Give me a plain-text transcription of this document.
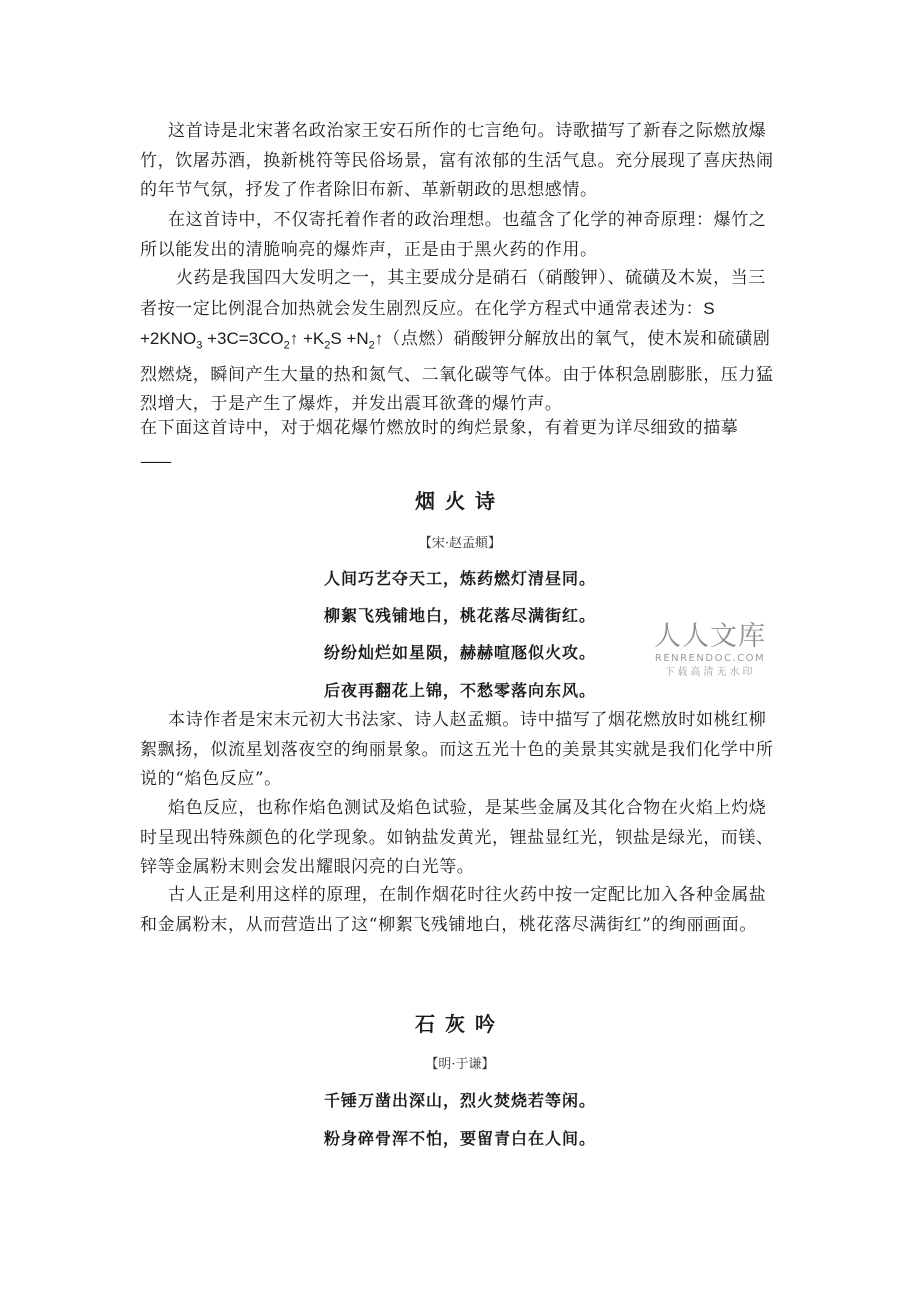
这首诗是北宋著名政治家王安石所作的七言绝句。诗歌描写了新春之际燃放爆竹，饮屠苏酒，换新桃符等民俗场景，富有浓郁的生活气息。充分展现了喜庆热闹的年节气氛，抒发了作者除旧布新、革新朝政的思想感情。

在这首诗中，不仅寄托着作者的政治理想。也蕴含了化学的神奇原理：爆竹之所以能发出的清脆响亮的爆炸声，正是由于黑火药的作用。

火药是我国四大发明之一，其主要成分是硝石（硝酸钾）、硫磺及木炭，当三者按一定比例混合加热就会发生剧烈反应。在化学方程式中通常表述为：$S +2KNO_3$ $+3C=3CO_2↑ +K_2S$ $+N_2↑$（点燃）硝酸钾分解放出的氧气，使木炭和硫磺剧烈燃烧，瞬间产生大量的热和氮气、二氧化碳等气体。由于体积急剧膨胀，压力猛烈增大，于是产生了爆炸，并发出震耳欲聋的爆竹声。

在下面这首诗中，对于烟花爆竹燃放时的绚烂景象，有着更为详尽细致的描摹

——
烟火诗
【宋·赵孟頫】
人间巧艺夺天工，炼药燃灯清昼同。
柳絮飞残铺地白，桃花落尽满街红。
纷纷灿烂如星陨，赫赫喧豗似火攻。
后夜再翻花上锦，不愁零落向东风。
人人文库
RENRENDOC.COM
下载高清无水印

本诗作者是宋末元初大书法家、诗人赵孟頫。诗中描写了烟花燃放时如桃红柳絮飘扬，似流星划落夜空的绚丽景象。而这五光十色的美景其实就是我们化学中所说的“焰色反应”。

焰色反应，也称作焰色测试及焰色试验，是某些金属及其化合物在火焰上灼烧时呈现出特殊颜色的化学现象。如钠盐发黄光，锂盐显红光，钡盐是绿光，而镁、锌等金属粉末则会发出耀眼闪亮的白光等。

古人正是利用这样的原理，在制作烟花时往火药中按一定配比加入各种金属盐和金属粉末，从而营造出了这“柳絮飞残铺地白，桃花落尽满街红”的绚丽画面。

石灰吟
【明·于谦】
千锤万凿出深山，烈火焚烧若等闲。
粉身碎骨浑不怕，要留青白在人间。
